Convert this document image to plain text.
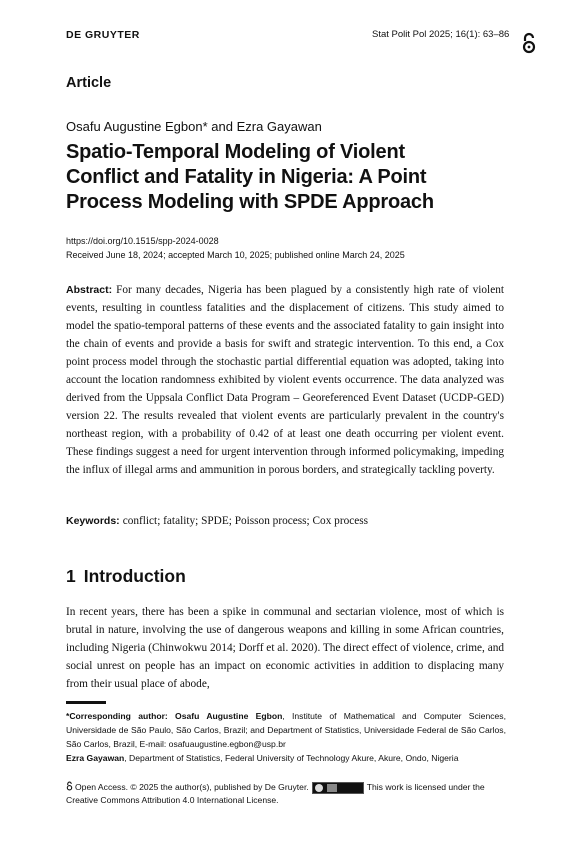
DE GRUYTER	Stat Polit Pol 2025; 16(1): 63–86
Article
Osafu Augustine Egbon* and Ezra Gayawan
Spatio-Temporal Modeling of Violent
Conflict and Fatality in Nigeria: A Point
Process Modeling with SPDE Approach
https://doi.org/10.1515/spp-2024-0028
Received June 18, 2024; accepted March 10, 2025; published online March 24, 2025
Abstract: For many decades, Nigeria has been plagued by a consistently high rate of violent events, resulting in countless fatalities and the displacement of citizens. This study aimed to model the spatio-temporal patterns of these events and the associated fatality to gain insight into the chain of events and provide a basis for swift and strategic intervention. To this end, a Cox point process model through the stochastic partial differential equation was adopted, taking into account the location randomness exhibited by violent events occurrence. The data analyzed was derived from the Uppsala Conflict Data Program – Georeferenced Event Dataset (UCDP-GED) version 22. The results revealed that violent events are particularly prevalent in the country's northeast region, with a probability of 0.42 of at least one death occurring per violent event. These findings suggest a need for urgent intervention through informed policymaking, impeding the influx of illegal arms and ammunition in porous borders, and strategically tackling poverty.
Keywords: conflict; fatality; SPDE; Poisson process; Cox process
1 Introduction
In recent years, there has been a spike in communal and sectarian violence, most of which is brutal in nature, involving the use of dangerous weapons and killing in some African countries, including Nigeria (Chinwokwu 2014; Dorff et al. 2020). The direct effect of violence, crime, and social unrest on people has an impact on economic activities in addition to displacing many from their usual place of abode,
*Corresponding author: Osafu Augustine Egbon, Institute of Mathematical and Computer Sciences, Universidade de São Paulo, São Carlos, Brazil; and Department of Statistics, Universidade Federal de São Carlos, São Carlos, Brazil, E-mail: osafuaugustine.egbon@usp.br
Ezra Gayawan, Department of Statistics, Federal University of Technology Akure, Akure, Ondo, Nigeria
Open Access. © 2025 the author(s), published by De Gruyter.	This work is licensed under the Creative Commons Attribution 4.0 International License.
